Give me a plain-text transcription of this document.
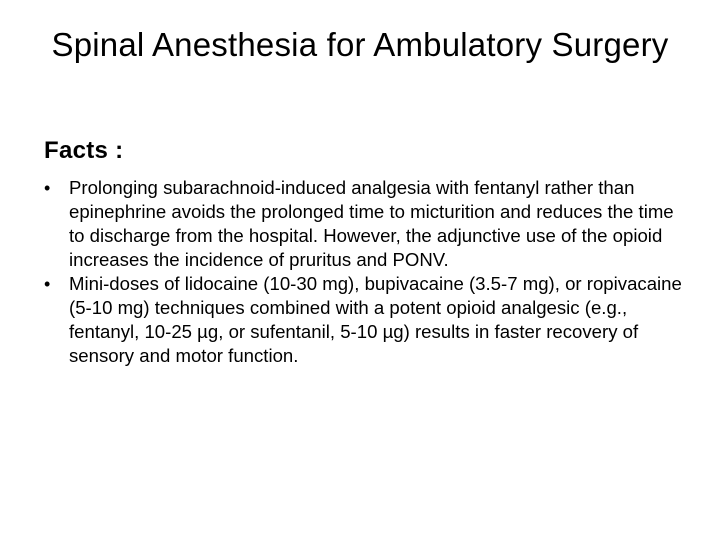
Spinal Anesthesia for Ambulatory Surgery
Facts :
•	Prolonging subarachnoid-induced analgesia with fentanyl rather than epinephrine avoids the prolonged time to micturition and reduces the time to discharge from the hospital. However, the adjunctive use of the opioid increases the incidence of pruritus and PONV.
•	Mini-doses of lidocaine (10-30 mg), bupivacaine (3.5-7 mg), or ropivacaine (5-10 mg) techniques combined with a potent opioid analgesic (e.g., fentanyl, 10-25 µg, or sufentanil, 5-10 µg) results in faster recovery of sensory and motor function.
